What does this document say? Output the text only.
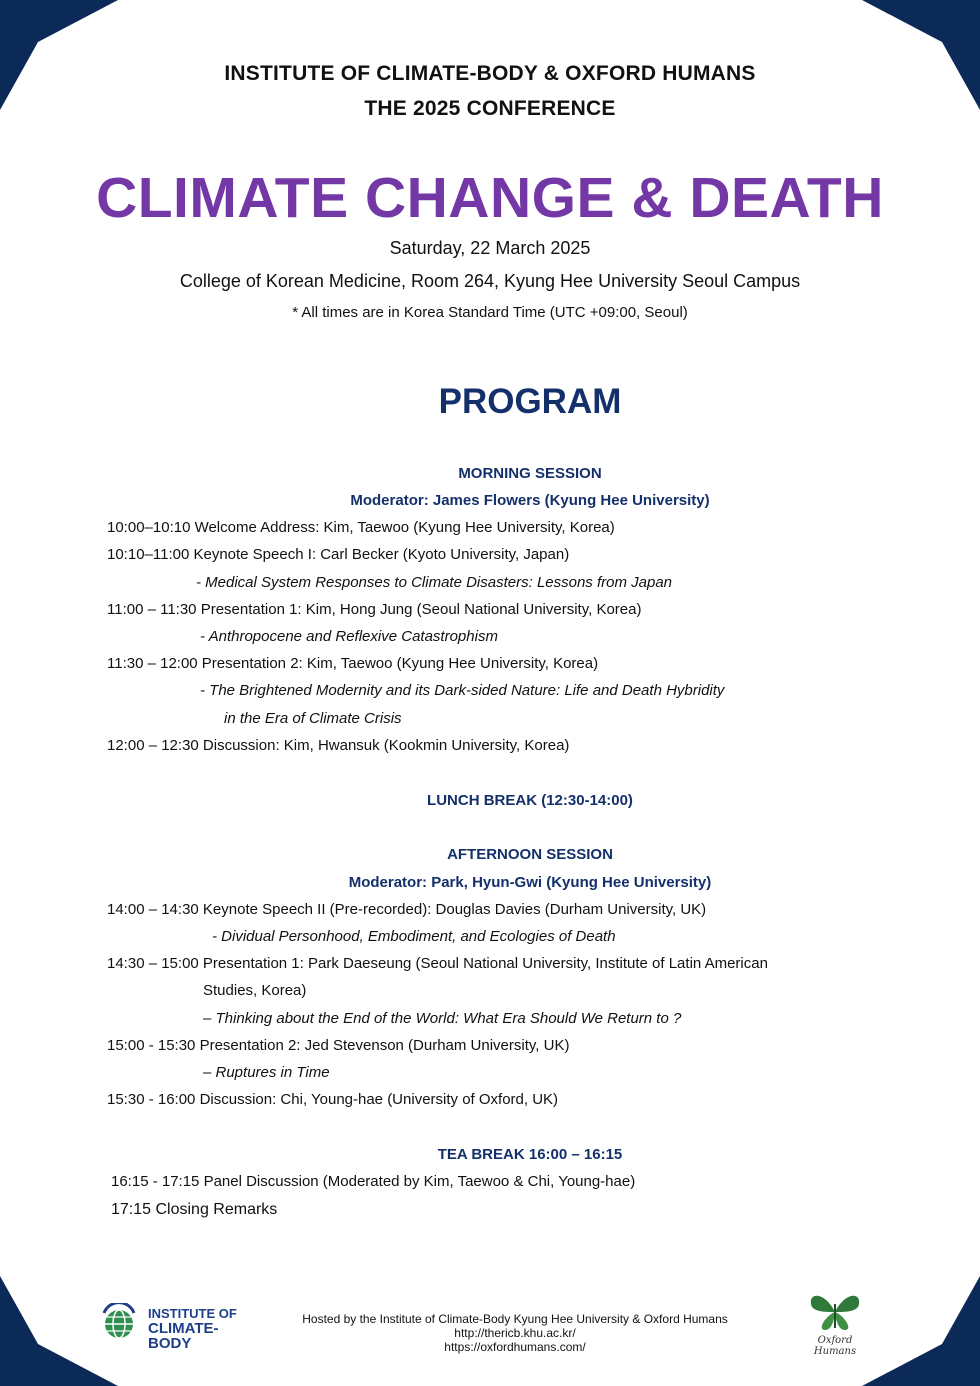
INSTITUTE OF CLIMATE-BODY & OXFORD HUMANS
THE 2025 CONFERENCE
CLIMATE CHANGE & DEATH
Saturday, 22 March 2025
College of Korean Medicine, Room 264, Kyung Hee University Seoul Campus
* All times are in Korea Standard Time (UTC +09:00, Seoul)
PROGRAM
MORNING SESSION
Moderator: James Flowers (Kyung Hee University)
10:00–10:10 Welcome Address: Kim, Taewoo (Kyung Hee University, Korea)
10:10–11:00 Keynote Speech I: Carl Becker (Kyoto University, Japan)
- Medical System Responses to Climate Disasters: Lessons from Japan
11:00 – 11:30 Presentation 1: Kim, Hong Jung (Seoul National University, Korea)
- Anthropocene and Reflexive Catastrophism
11:30 – 12:00 Presentation 2: Kim, Taewoo (Kyung Hee University, Korea)
- The Brightened Modernity and its Dark-sided Nature: Life and Death Hybridity
in the Era of Climate Crisis
12:00 – 12:30 Discussion: Kim, Hwansuk (Kookmin University, Korea)
LUNCH BREAK (12:30-14:00)
AFTERNOON SESSION
Moderator: Park, Hyun-Gwi (Kyung Hee University)
14:00 – 14:30 Keynote Speech II (Pre-recorded): Douglas Davies (Durham University, UK)
- Dividual Personhood, Embodiment, and Ecologies of Death
14:30 – 15:00 Presentation 1: Park Daeseung (Seoul National University, Institute of Latin American
Studies, Korea)
– Thinking about the End of the World: What Era Should We Return to ?
15:00 - 15:30 Presentation 2: Jed Stevenson (Durham University, UK)
– Ruptures in Time
15:30 - 16:00 Discussion: Chi, Young-hae (University of Oxford, UK)
TEA BREAK 16:00 – 16:15
16:15 - 17:15 Panel Discussion (Moderated by Kim, Taewoo & Chi, Young-hae)
17:15 Closing Remarks
INSTITUTE OF
CLIMATE-BODY
Hosted by the Institute of Climate-Body Kyung Hee University & Oxford Humans
http://thericb.khu.ac.kr/
https://oxfordhumans.com/	Oxford Humans
